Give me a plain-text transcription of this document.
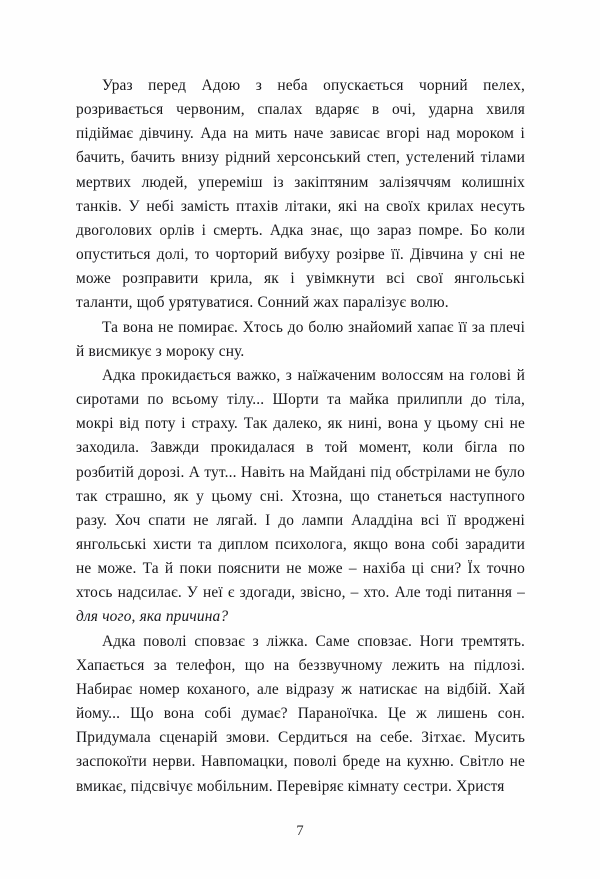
Ураз перед Адою з неба опускається чорний пелех, розривається червоним, спалах вдаряє в очі, ударна хвиля підіймає дівчину. Ада на мить наче зависає вгорі над мороком і бачить, бачить внизу рідний херсонський степ, устелений тілами мертвих людей, уперемiш із закіптяним залізяччям колишніх танків. У небі замість птахів літаки, які на своїх крилах несуть двоголових орлів і смерть. Адка знає, що зараз помре. Бо коли опуститься долі, то чорторий вибуху розірве її. Дівчина у сні не може розправити крила, як і увімкнути всі свої янгольські таланти, щоб урятуватися. Сонний жах паралізує волю.

Та вона не помирає. Хтось до болю знайомий хапає її за плечі й висмикує з мороку сну.

Адка прокидається важко, з наїжаченим волоссям на голові й сиротами по всьому тілу... Шорти та майка прилипли до тіла, мокрі від поту і страху. Так далеко, як нині, вона у цьому сні не заходила. Завжди прокидалася в той момент, коли бігла по розбитій дорозі. А тут... Навіть на Майдані під обстрілами не було так страшно, як у цьому сні. Хтозна, що станеться наступного разу. Хоч спати не лягай. І до лампи Аладдіна всі її вроджені янгольські хисти та диплом психолога, якщо вона собі зарадити не може. Та й поки пояснити не може – нахіба ці сни? Їх точно хтось надсилає. У неї є здогади, звісно, – хто. Але тоді питання – для чого, яка причина?

Адка поволі сповзає з ліжка. Саме сповзає. Ноги тремтять. Хапається за телефон, що на беззвучному лежить на підлозі. Набирає номер коханого, але відразу ж натискає на відбій. Хай йому... Що вона собі думає? Параноїчка. Це ж лишень сон. Придумала сценарій змови. Сердиться на себе. Зітхає. Мусить заспокоїти нерви. Навпомацки, поволі бреде на кухню. Світло не вмикає, підсвічує мобільним. Перевіряє кімнату сестри. Христя

7
